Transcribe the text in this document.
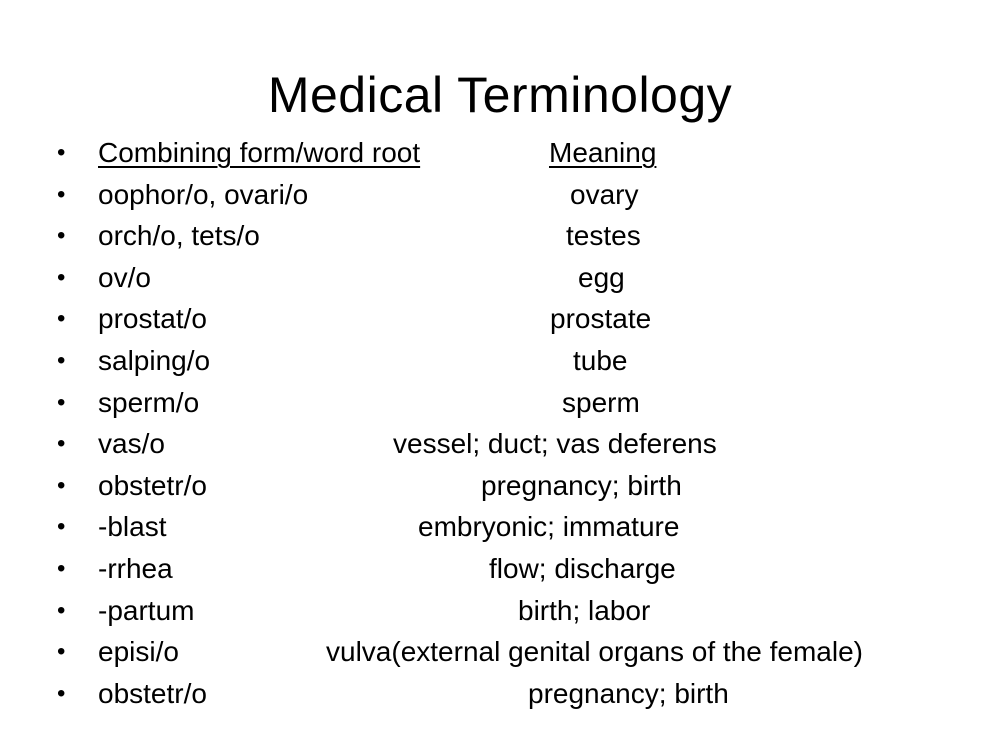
Medical Terminology
• Combining form/word root	Meaning
• oophor/o, ovari/o	ovary
• orch/o, tets/o	testes
• ov/o	egg
• prostat/o	prostate
• salping/o	tube
• sperm/o	sperm
• vas/o	vessel; duct; vas deferens
• obstetr/o	pregnancy; birth
• -blast	embryonic; immature
• -rrhea	flow; discharge
• -partum	birth; labor
• episi/o	vulva(external genital organs of the female)
• obstetr/o	pregnancy; birth
